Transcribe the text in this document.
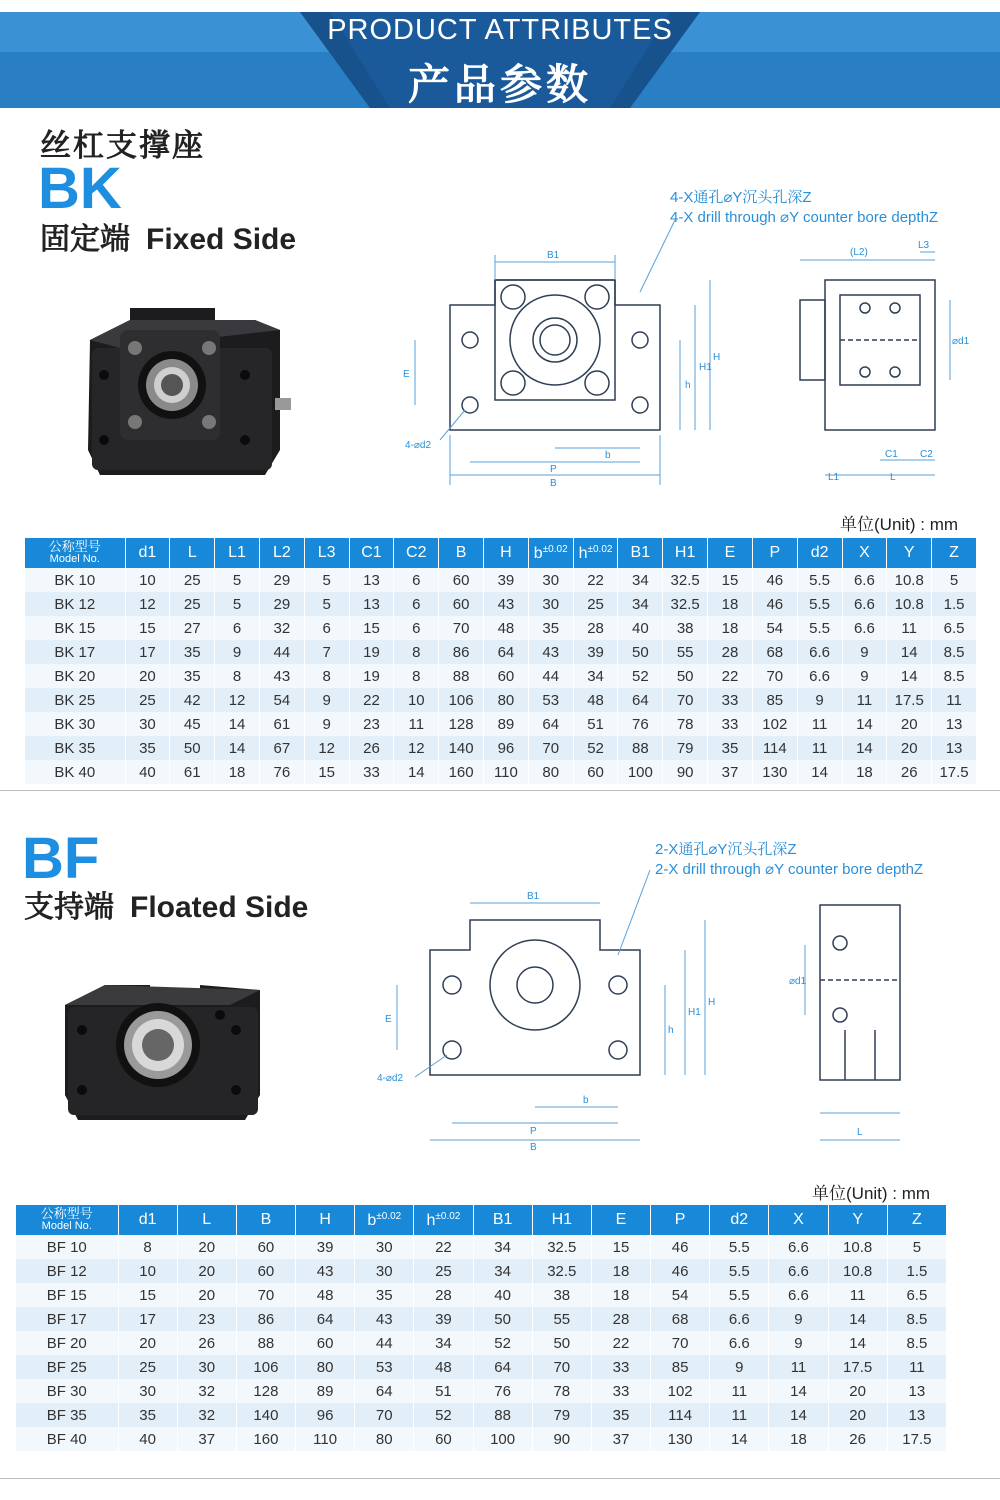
PRODUCT ATTRIBUTES
产品参数
丝杠支撑座
BK
固定端 Fixed Side
4-X通孔⌀Y沉头孔深Z
4-X drill through ⌀Y counter bore depthZ
B1
B
P
b
E
h
H1
H
4-⌀d2
(L2)
L3
C1 C2
L1	L
⌀d1
单位(Unit) : mm
公称型号
Model No.	d1	L	L1	L2	L3	C1	C2	B	H	$b^{\pm 0.02}$	$h^{\pm 0.02}$	B1	H1	E	P	d2	X	Y	Z
BK 10	10	25	5	29	5	13	6	60	39	30	22	34	32.5	15	46	5.5	6.6	10.8	5
BK 12	12	25	5	29	5	13	6	60	43	30	25	34	32.5	18	46	5.5	6.6	10.8	1.5
BK 15	15	27	6	32	6	15	6	70	48	35	28	40	38	18	54	5.5	6.6	11	6.5
BK 17	17	35	9	44	7	19	8	86	64	43	39	50	55	28	68	6.6	9	14	8.5
BK 20	20	35	8	43	8	19	8	88	60	44	34	52	50	22	70	6.6	9	14	8.5
BK 25	25	42	12	54	9	22	10	106	80	53	48	64	70	33	85	9	11	17.5	11
BK 30	30	45	14	61	9	23	11	128	89	64	51	76	78	33	102	11	14	20	13
BK 35	35	50	14	67	12	26	12	140	96	70	52	88	79	35	114	11	14	20	13
BK 40	40	61	18	76	15	33	14	160	110	80	60	100	90	37	130	14	18	26	17.5
BF
支持端 Floated Side
2-X通孔⌀Y沉头孔深Z
2-X drill through ⌀Y counter bore depthZ
B1
B
P
b
E
h
H1
H
4-⌀d2
⌀d1
L
单位(Unit) : mm
公称型号
Model No.	d1	L	B	H	$b^{\pm 0.02}$	$h^{\pm 0.02}$	B1	H1	E	P	d2	X	Y	Z
BF 10	8	20	60	39	30	22	34	32.5	15	46	5.5	6.6	10.8	5
BF 12	10	20	60	43	30	25	34	32.5	18	46	5.5	6.6	10.8	1.5
BF 15	15	20	70	48	35	28	40	38	18	54	5.5	6.6	11	6.5
BF 17	17	23	86	64	43	39	50	55	28	68	6.6	9	14	8.5
BF 20	20	26	88	60	44	34	52	50	22	70	6.6	9	14	8.5
BF 25	25	30	106	80	53	48	64	70	33	85	9	11	17.5	11
BF 30	30	32	128	89	64	51	76	78	33	102	11	14	20	13
BF 35	35	32	140	96	70	52	88	79	35	114	11	14	20	13
BF 40	40	37	160	110	80	60	100	90	37	130	14	18	26	17.5
